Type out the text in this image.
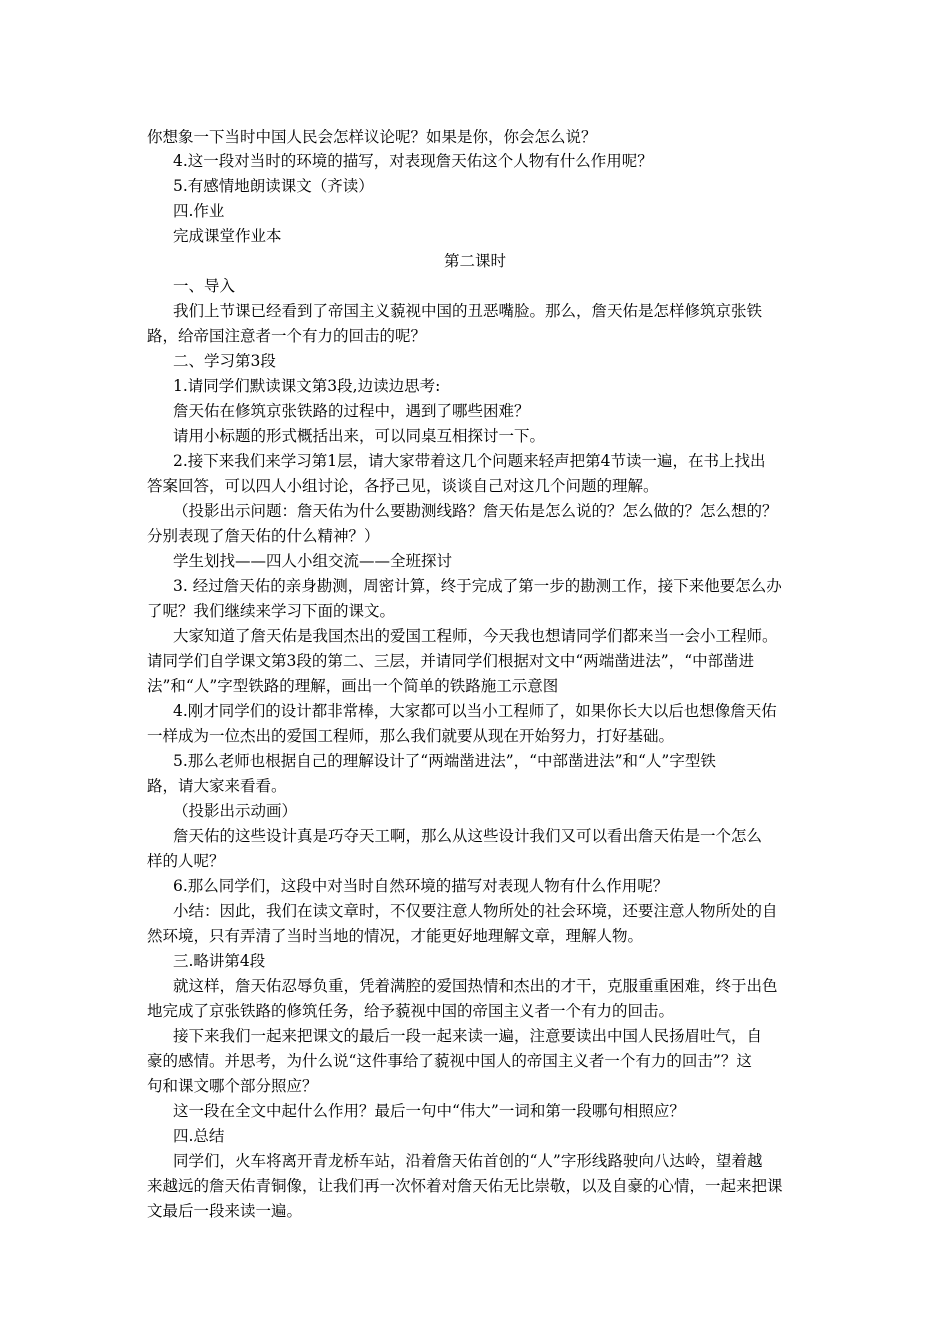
你想象一下当时中国人民会怎样议论呢？如果是你，你会怎么说？
4.这一段对当时的环境的描写，对表现詹天佑这个人物有什么作用呢？
5.有感情地朗读课文（齐读）
四.作业
完成课堂作业本
第二课时
一、导入
我们上节课已经看到了帝国主义藐视中国的丑恶嘴脸。那么，詹天佑是怎样修筑京张铁
路，给帝国注意者一个有力的回击的呢？
二、学习第3段
1.请同学们默读课文第3段,边读边思考:
詹天佑在修筑京张铁路的过程中，遇到了哪些困难？
请用小标题的形式概括出来，可以同桌互相探讨一下。
2.接下来我们来学习第1层，请大家带着这几个问题来轻声把第4节读一遍，在书上找出
答案回答，可以四人小组讨论，各抒己见，谈谈自己对这几个问题的理解。
（投影出示问题：詹天佑为什么要勘测线路？詹天佑是怎么说的？怎么做的？怎么想的？
分别表现了詹天佑的什么精神？）
学生划找——四人小组交流——全班探讨
3. 经过詹天佑的亲身勘测，周密计算，终于完成了第一步的勘测工作，接下来他要怎么办
了呢？我们继续来学习下面的课文。
大家知道了詹天佑是我国杰出的爱国工程师，今天我也想请同学们都来当一会小工程师。
请同学们自学课文第3段的第二、三层，并请同学们根据对文中“两端凿进法”，“中部凿进
法”和“人”字型铁路的理解，画出一个简单的铁路施工示意图
4.刚才同学们的设计都非常棒，大家都可以当小工程师了，如果你长大以后也想像詹天佑
一样成为一位杰出的爱国工程师，那么我们就要从现在开始努力，打好基础。
5.那么老师也根据自己的理解设计了“两端凿进法”，“中部凿进法”和“人”字型铁
路，请大家来看看。
（投影出示动画）
詹天佑的这些设计真是巧夺天工啊，那么从这些设计我们又可以看出詹天佑是一个怎么
样的人呢？
6.那么同学们，这段中对当时自然环境的描写对表现人物有什么作用呢？
小结：因此，我们在读文章时，不仅要注意人物所处的社会环境，还要注意人物所处的自
然环境，只有弄清了当时当地的情况，才能更好地理解文章，理解人物。
三.略讲第4段
就这样，詹天佑忍辱负重，凭着满腔的爱国热情和杰出的才干，克服重重困难，终于出色
地完成了京张铁路的修筑任务，给予藐视中国的帝国主义者一个有力的回击。
接下来我们一起来把课文的最后一段一起来读一遍，注意要读出中国人民扬眉吐气，自
豪的感情。并思考，为什么说“这件事给了藐视中国人的帝国主义者一个有力的回击”？这
句和课文哪个部分照应？
这一段在全文中起什么作用？最后一句中“伟大”一词和第一段哪句相照应？
四.总结
同学们，火车将离开青龙桥车站，沿着詹天佑首创的“人”字形线路驶向八达岭，望着越
来越远的詹天佑青铜像，让我们再一次怀着对詹天佑无比崇敬，以及自豪的心情，一起来把课
文最后一段来读一遍。
